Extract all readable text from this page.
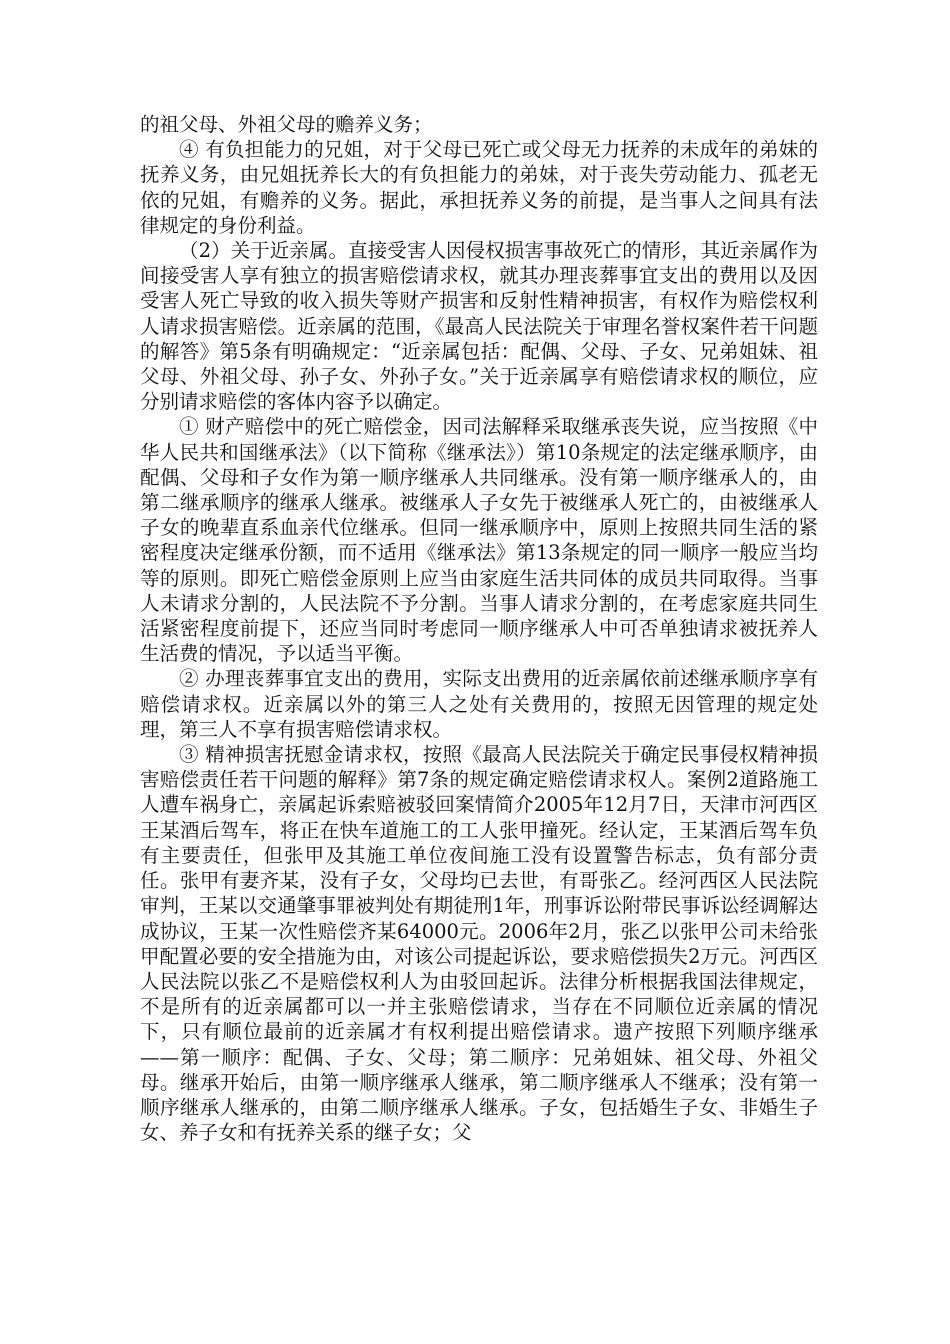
的祖父母、外祖父母的赡养义务；

④ 有负担能力的兄姐，对于父母已死亡或父母无力抚养的未成年的弟妹的抚养义务，由兄姐抚养长大的有负担能力的弟妹，对于丧失劳动能力、孤老无依的兄姐，有赡养的义务。据此，承担抚养义务的前提，是当事人之间具有法律规定的身份利益。

（2）关于近亲属。直接受害人因侵权损害事故死亡的情形，其近亲属作为间接受害人享有独立的损害赔偿请求权，就其办理丧葬事宜支出的费用以及因受害人死亡导致的收入损失等财产损害和反射性精神损害，有权作为赔偿权利人请求损害赔偿。近亲属的范围，《最高人民法院关于审理名誉权案件若干问题的解答》第5条有明确规定：“近亲属包括：配偶、父母、子女、兄弟姐妹、祖父母、外祖父母、孙子女、外孙子女。”关于近亲属享有赔偿请求权的顺位，应分别请求赔偿的客体内容予以确定。

① 财产赔偿中的死亡赔偿金，因司法解释采取继承丧失说，应当按照《中华人民共和国继承法》（以下简称《继承法》）第10条规定的法定继承顺序，由配偶、父母和子女作为第一顺序继承人共同继承。没有第一顺序继承人的，由第二继承顺序的继承人继承。被继承人子女先于被继承人死亡的，由被继承人子女的晚辈直系血亲代位继承。但同一继承顺序中，原则上按照共同生活的紧密程度决定继承份额，而不适用《继承法》第13条规定的同一顺序一般应当均等的原则。即死亡赔偿金原则上应当由家庭生活共同体的成员共同取得。当事人未请求分割的，人民法院不予分割。当事人请求分割的，在考虑家庭共同生活紧密程度前提下，还应当同时考虑同一顺序继承人中可否单独请求被抚养人生活费的情况，予以适当平衡。

② 办理丧葬事宜支出的费用，实际支出费用的近亲属依前述继承顺序享有赔偿请求权。近亲属以外的第三人之处有关费用的，按照无因管理的规定处理，第三人不享有损害赔偿请求权。

③ 精神损害抚慰金请求权，按照《最高人民法院关于确定民事侵权精神损害赔偿责任若干问题的解释》第7条的规定确定赔偿请求权人。案例2道路施工人遭车祸身亡，亲属起诉索赔被驳回案情简介2005年12月7日，天津市河西区王某酒后驾车，将正在快车道施工的工人张甲撞死。经认定，王某酒后驾车负有主要责任，但张甲及其施工单位夜间施工没有设置警告标志，负有部分责任。张甲有妻齐某，没有子女，父母均已去世，有哥张乙。经河西区人民法院审判，王某以交通肇事罪被判处有期徒刑1年，刑事诉讼附带民事诉讼经调解达成协议，王某一次性赔偿齐某64000元。2006年2月，张乙以张甲公司未给张甲配置必要的安全措施为由，对该公司提起诉讼，要求赔偿损失2万元。河西区人民法院以张乙不是赔偿权利人为由驳回起诉。法律分析根据我国法律规定，不是所有的近亲属都可以一并主张赔偿请求，当存在不同顺位近亲属的情况下，只有顺位最前的近亲属才有权利提出赔偿请求。遗产按照下列顺序继承——第一顺序：配偶、子女、父母；第二顺序：兄弟姐妹、祖父母、外祖父母。继承开始后，由第一顺序继承人继承，第二顺序继承人不继承；没有第一顺序继承人继承的，由第二顺序继承人继承。子女，包括婚生子女、非婚生子女、养子女和有抚养关系的继子女；父
